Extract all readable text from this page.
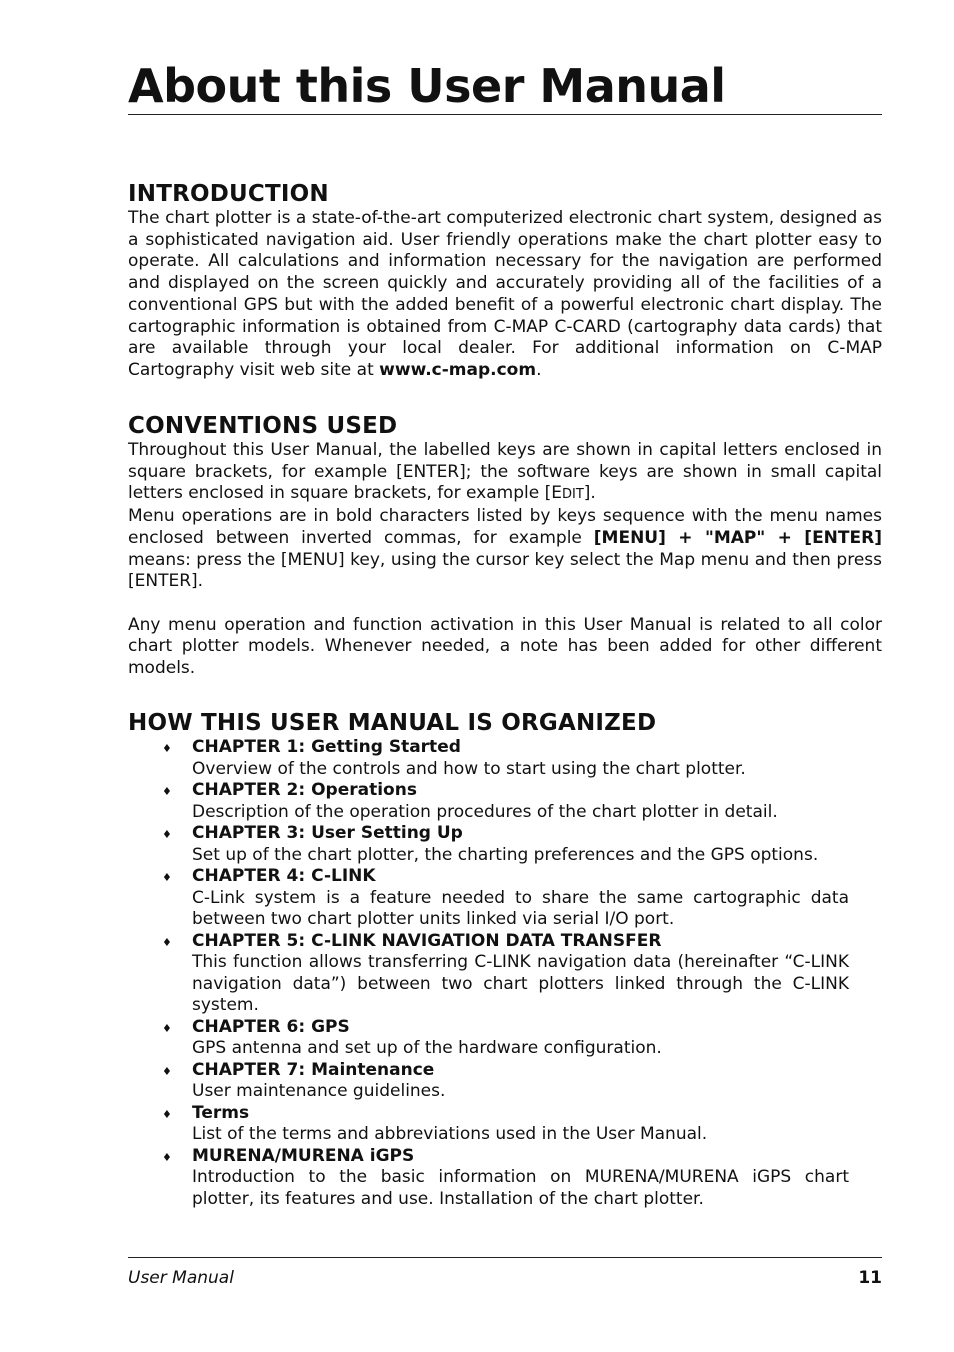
About this User Manual
INTRODUCTION

The chart plotter is a state-of-the-art computerized electronic chart system, designed as a sophisticated navigation aid. User friendly operations make the chart plotter easy to operate. All calculations and information necessary for the navigation are performed and displayed on the screen quickly and accurately providing all of the facilities of a conventional GPS but with the added benefit of a powerful electronic chart display. The cartographic information is obtained from C-MAP C-CARD (cartography data cards) that are available through your local dealer. For additional information on C-MAP Cartography visit web site at www.c-map.com.

CONVENTIONS USED

Throughout this User Manual, the labelled keys are shown in capital letters enclosed in square brackets, for example [ENTER]; the software keys are shown in small capital letters enclosed in square brackets, for example [EDIT].

Menu operations are in bold characters listed by keys sequence with the menu names enclosed between inverted commas, for example [MENU] + "MAP" + [ENTER] means: press the [MENU] key, using the cursor key select the Map menu and then press [ENTER].

Any menu operation and function activation in this User Manual is related to all color chart plotter models. Whenever needed, a note has been added for other different models.

HOW THIS USER MANUAL IS ORGANIZED
♦ CHAPTER 1: Getting Started
Overview of the controls and how to start using the chart plotter.
♦ CHAPTER 2: Operations
Description of the operation procedures of the chart plotter in detail.
♦ CHAPTER 3: User Setting Up
Set up of the chart plotter, the charting preferences and the GPS options.
♦ CHAPTER 4: C-LINK
C-Link system is a feature needed to share the same cartographic data between two chart plotter units linked via serial I/O port.
♦ CHAPTER 5: C-LINK NAVIGATION DATA TRANSFER
This function allows transferring C-LINK navigation data (hereinafter “C-LINK navigation data”) between two chart plotters linked through the C-LINK system.
♦ CHAPTER 6: GPS
GPS antenna and set up of the hardware configuration.
♦ CHAPTER 7: Maintenance
User maintenance guidelines.
♦ Terms
List of the terms and abbreviations used in the User Manual.
♦ MURENA/MURENA iGPS
Introduction to the basic information on MURENA/MURENA iGPS chart plotter, its features and use. Installation of the chart plotter.
User Manual	11
